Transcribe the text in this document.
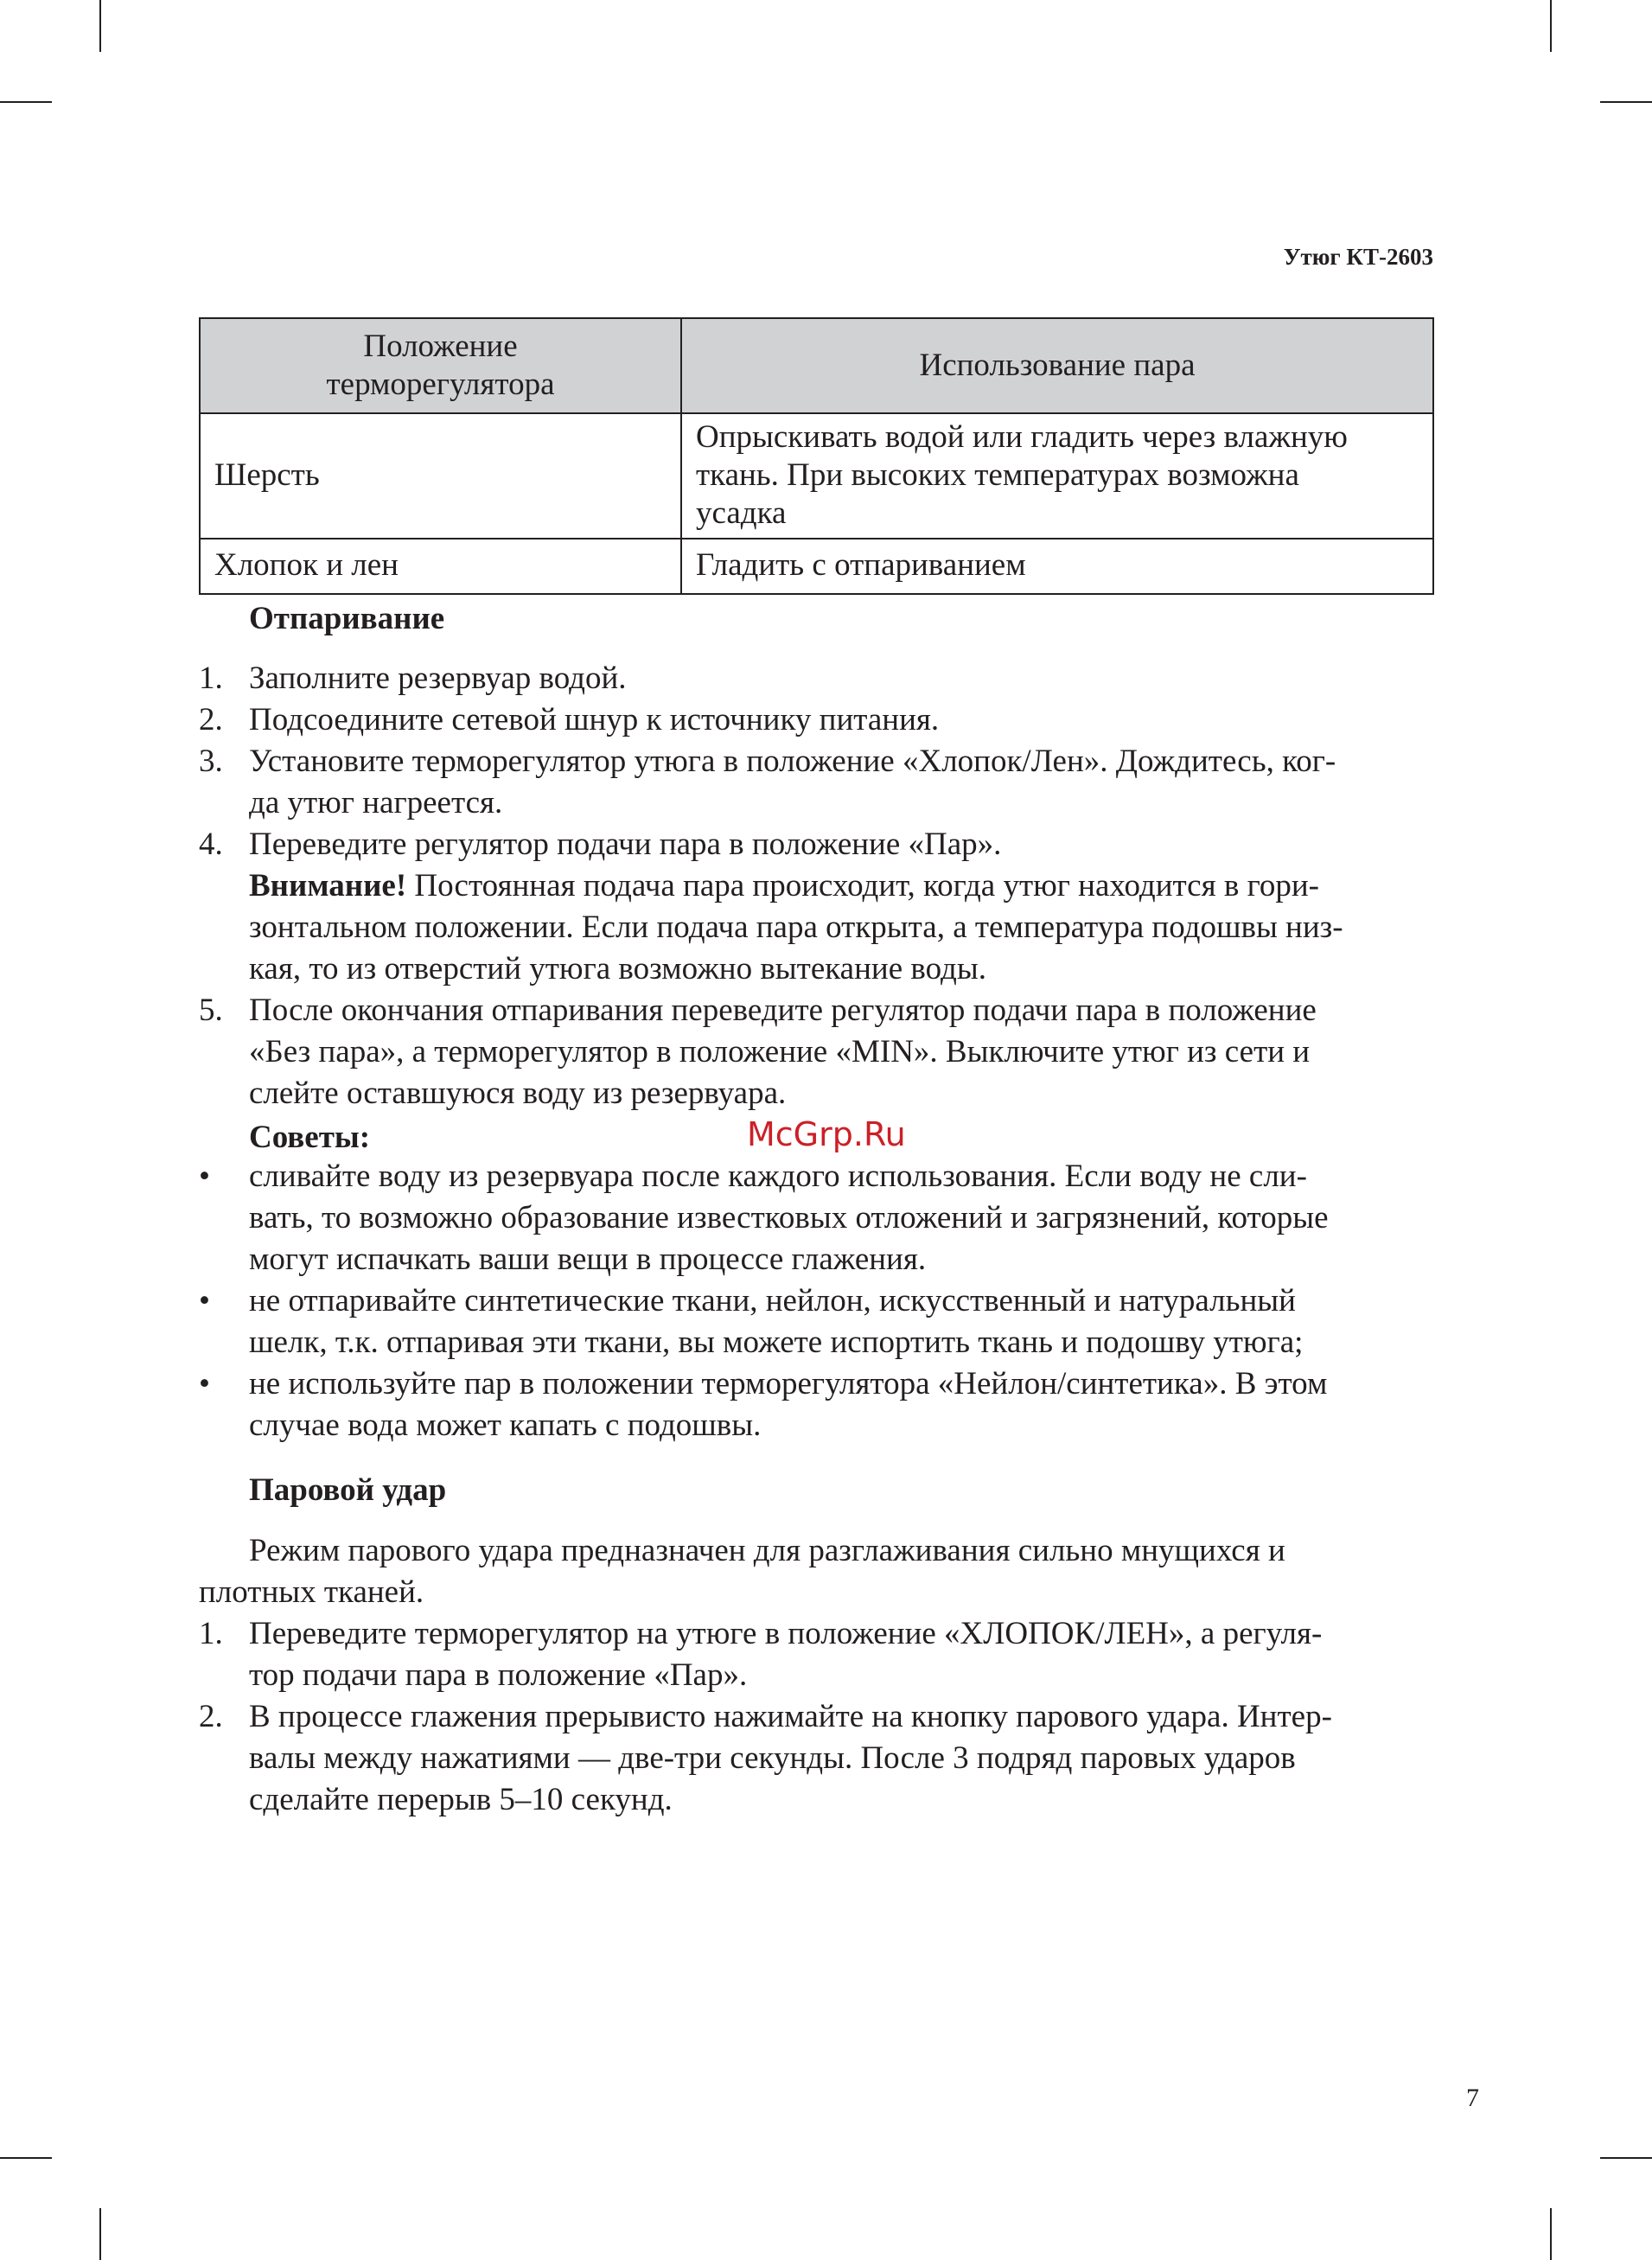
Утюг КТ-2603

Положение
терморегулятора	Использование пара
Шерсть	Опрыскивать водой или гладить через влажную
ткань. При высоких температурах возможна
усадка
Хлопок и лен	Гладить с отпариванием

Отпаривание

1. Заполните резервуар водой.
2. Подсоедините сетевой шнур к источнику питания.
3. Установите терморегулятор утюга в положение «Хлопок/Лен». Дождитесь, ког-
да утюг нагреется.
4. Переведите регулятор подачи пара в положение «Пар».
Внимание! Постоянная подача пара происходит, когда утюг находится в гори-
зонтальном положении. Если подача пара открыта, а температура подошвы низ-
кая, то из отверстий утюга возможно вытекание воды.
5. После окончания отпаривания переведите регулятор подачи пара в положение
«Без пара», а терморегулятор в положение «MIN». Выключите утюг из сети и
слейте оставшуюся воду из резервуара.

Советы:

• сливайте воду из резервуара после каждого использования. Если воду не сли-
вать, то возможно образование известковых отложений и загрязнений, которые
могут испачкать ваши вещи в процессе глажения.
• не отпаривайте синтетические ткани, нейлон, искусственный и натуральный
шелк, т.к. отпаривая эти ткани, вы можете испортить ткань и подошву утюга;
• не используйте пар в положении терморегулятора «Нейлон/синтетика». В этом
случае вода может капать с подошвы.

Паровой удар

Режим парового удара предназначен для разглаживания сильно мнущихся и
плотных тканей.
1. Переведите терморегулятор на утюге в положение «ХЛОПОК/ЛЕН», а регуля-
тор подачи пара в положение «Пар».
2. В процессе глажения прерывисто нажимайте на кнопку парового удара. Интер-
валы между нажатиями — две-три секунды. После 3 подряд паровых ударов
сделайте перерыв 5–10 секунд.
McGrp.Ru

7
